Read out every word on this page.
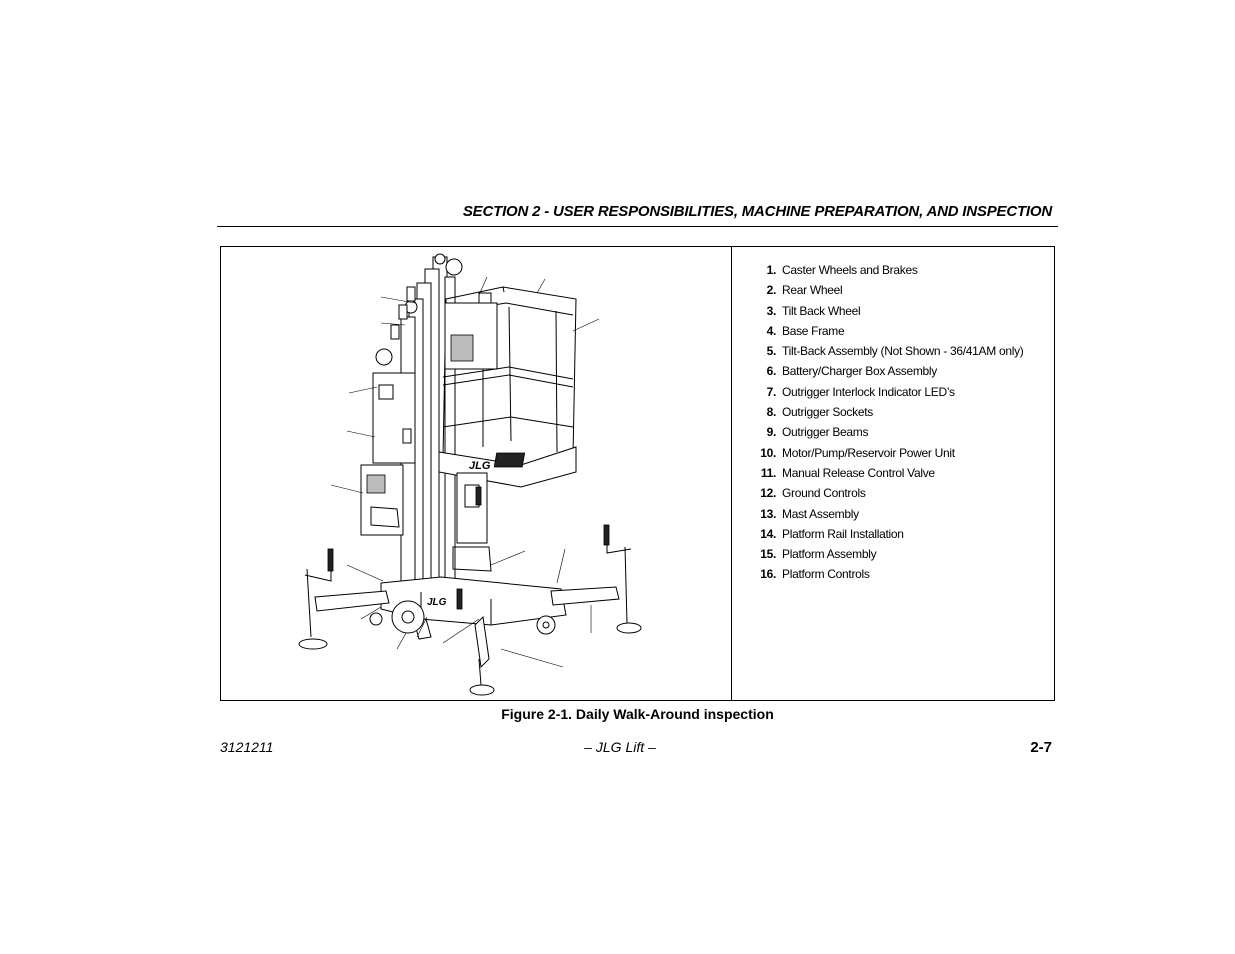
SECTION 2 - USER RESPONSIBILITIES, MACHINE PREPARATION, AND INSPECTION
JLG
JLG
1. Caster Wheels and Brakes
2. Rear Wheel
3. Tilt Back Wheel
4. Base Frame
5. Tilt-Back Assembly (Not Shown - 36/41AM only)
6. Battery/Charger Box Assembly
7. Outrigger Interlock Indicator LED’s
8. Outrigger Sockets
9. Outrigger Beams
10. Motor/Pump/Reservoir Power Unit
11. Manual Release Control Valve
12. Ground Controls
13. Mast Assembly
14. Platform Rail Installation
15. Platform Assembly
16. Platform Controls
Figure 2-1. Daily Walk-Around inspection
3121211	– JLG Lift –	2-7
